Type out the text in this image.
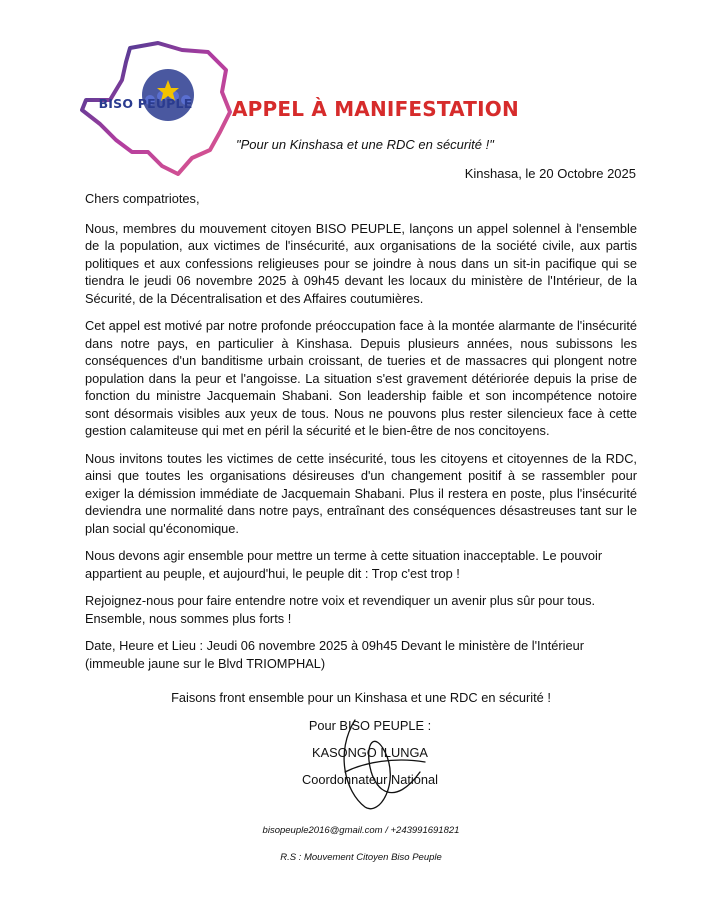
BISO PEUPLE	APPEL À MANIFESTATION
"Pour un Kinshasa et une RDC en sécurité !"
Kinshasa, le 20 Octobre 2025

Chers compatriotes,

Nous, membres du mouvement citoyen BISO PEUPLE, lançons un appel solennel à l'ensemble de la population, aux victimes de l'insécurité, aux organisations de la société civile, aux partis politiques et aux confessions religieuses pour se joindre à nous dans un sit-in pacifique qui se tiendra le jeudi 06 novembre 2025 à 09h45 devant les locaux du ministère de l'Intérieur, de la Sécurité, de la Décentralisation et des Affaires coutumières.

Cet appel est motivé par notre profonde préoccupation face à la montée alarmante de l'insécurité dans notre pays, en particulier à Kinshasa. Depuis plusieurs années, nous subissons les conséquences d'un banditisme urbain croissant, de tueries et de massacres qui plongent notre population dans la peur et l'angoisse. La situation s'est gravement détériorée depuis la prise de fonction du ministre Jacquemain Shabani. Son leadership faible et son incompétence notoire sont désormais visibles aux yeux de tous. Nous ne pouvons plus rester silencieux face à cette gestion calamiteuse qui met en péril la sécurité et le bien-être de nos concitoyens.

Nous invitons toutes les victimes de cette insécurité, tous les citoyens et citoyennes de la RDC, ainsi que toutes les organisations désireuses d'un changement positif à se rassembler pour exiger la démission immédiate de Jacquemain Shabani. Plus il restera en poste, plus l'insécurité deviendra une normalité dans notre pays, entraînant des conséquences désastreuses tant sur le plan social qu'économique.

Nous devons agir ensemble pour mettre un terme à cette situation inacceptable. Le pouvoir appartient au peuple, et aujourd'hui, le peuple dit : Trop c'est trop !

Rejoignez-nous pour faire entendre notre voix et revendiquer un avenir plus sûr pour tous. Ensemble, nous sommes plus forts !

Date, Heure et Lieu : Jeudi 06 novembre 2025 à 09h45 Devant le ministère de l'Intérieur (immeuble jaune sur le Blvd TRIOMPHAL)

Faisons front ensemble pour un Kinshasa et une RDC en sécurité !
Pour BISO PEUPLE :
KASONGO ILUNGA
Coordonnateur National
bisopeuple2016@gmail.com / +243991691821
R.S : Mouvement Citoyen Biso Peuple
